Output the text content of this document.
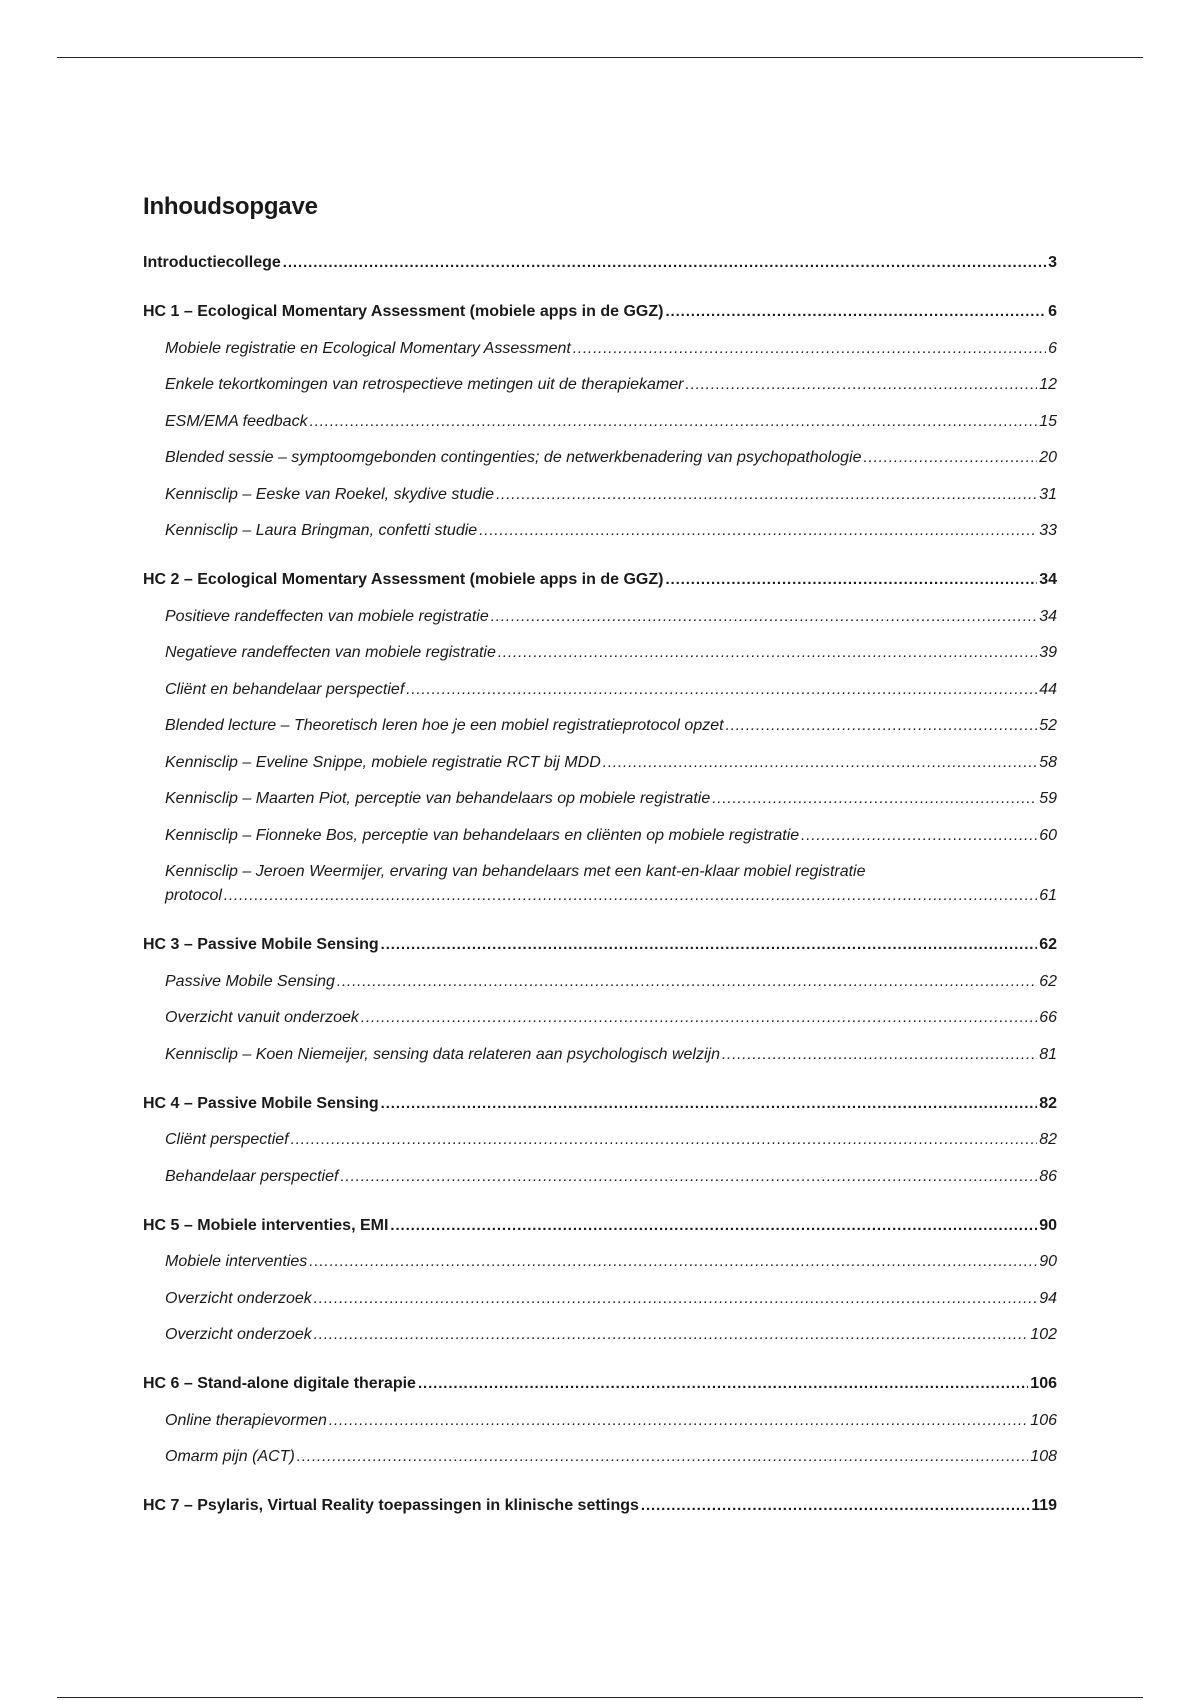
Inhoudsopgave
Introductiecollege .....	3
HC 1 – Ecological Momentary Assessment (mobiele apps in de GGZ) .....	6
Mobiele registratie en Ecological Momentary Assessment .....	6
Enkele tekortkomingen van retrospectieve metingen uit de therapiekamer .....	12
ESM/EMA feedback .....	15
Blended sessie – symptoomgebonden contingenties; de netwerkbenadering van psychopathologie .....	20
Kennisclip – Eeske van Roekel, skydive studie .....	31
Kennisclip – Laura Bringman, confetti studie .....	33
HC 2 – Ecological Momentary Assessment (mobiele apps in de GGZ) .....	34
Positieve randeffecten van mobiele registratie .....	34
Negatieve randeffecten van mobiele registratie .....	39
Cliënt en behandelaar perspectief .....	44
Blended lecture – Theoretisch leren hoe je een mobiel registratieprotocol opzet .....	52
Kennisclip – Eveline Snippe, mobiele registratie RCT bij MDD .....	58
Kennisclip – Maarten Piot, perceptie van behandelaars op mobiele registratie .....	59
Kennisclip – Fionneke Bos, perceptie van behandelaars en cliënten op mobiele registratie .....	60
Kennisclip – Jeroen Weermijer, ervaring van behandelaars met een kant-en-klaar mobiel registratie
protocol .....	61
HC 3 – Passive Mobile Sensing .....	62
Passive Mobile Sensing .....	62
Overzicht vanuit onderzoek .....	66
Kennisclip – Koen Niemeijer, sensing data relateren aan psychologisch welzijn .....	81
HC 4 – Passive Mobile Sensing .....	82
Cliënt perspectief .....	82
Behandelaar perspectief .....	86
HC 5 – Mobiele interventies, EMI .....	90
Mobiele interventies .....	90
Overzicht onderzoek .....	94
Overzicht onderzoek .....	102
HC 6 – Stand-alone digitale therapie .....	106
Online therapievormen .....	106
Omarm pijn (ACT) .....	108
HC 7 – Psylaris, Virtual Reality toepassingen in klinische settings .....	119
